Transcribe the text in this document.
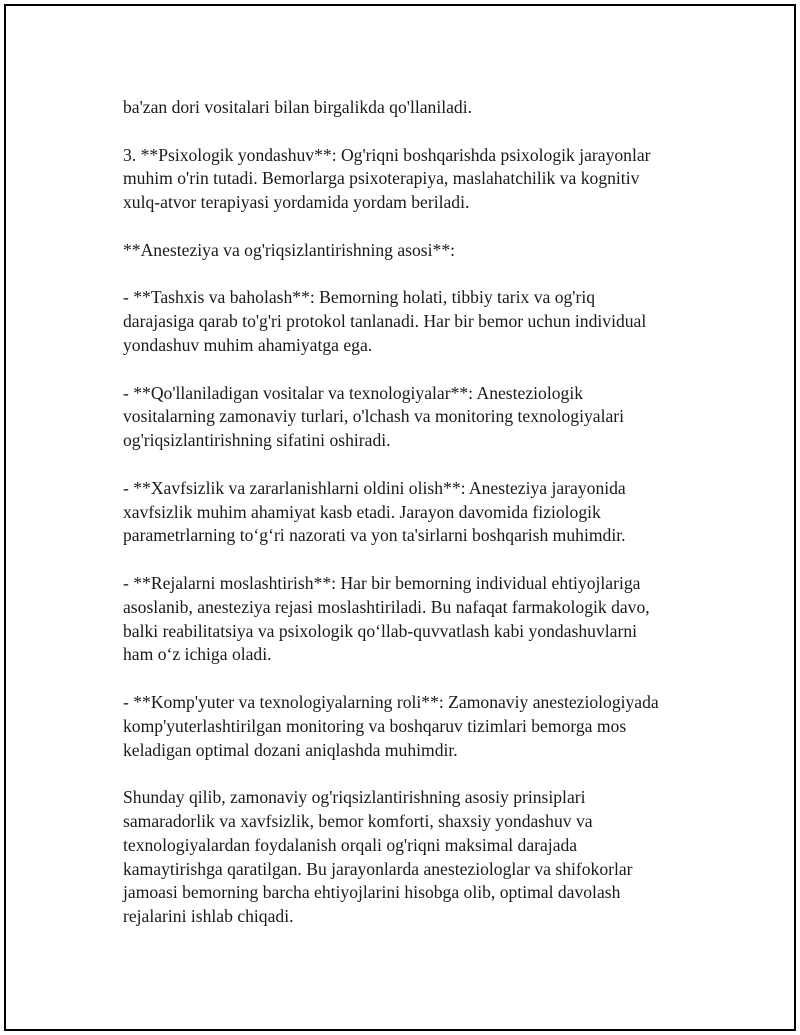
ba'zan dori vositalari bilan birgalikda qo'llaniladi.

3. **Psixologik yondashuv**: Og'riqni boshqarishda psixologik jarayonlar
muhim o'rin tutadi. Bemorlarga psixoterapiya, maslahatchilik va kognitiv
xulq-atvor terapiyasi yordamida yordam beriladi.

**Anesteziya va og'riqsizlantirishning asosi**:

- **Tashxis va baholash**: Bemorning holati, tibbiy tarix va og'riq
darajasiga qarab to'g'ri protokol tanlanadi. Har bir bemor uchun individual
yondashuv muhim ahamiyatga ega.

- **Qo'llaniladigan vositalar va texnologiyalar**: Anesteziologik
vositalarning zamonaviy turlari, o'lchash va monitoring texnologiyalari
og'riqsizlantirishning sifatini oshiradi.

- **Xavfsizlik va zararlanishlarni oldini olish**: Anesteziya jarayonida
xavfsizlik muhim ahamiyat kasb etadi. Jarayon davomida fiziologik
parametrlarning to‘g‘ri nazorati va yon ta'sirlarni boshqarish muhimdir.

- **Rejalarni moslashtirish**: Har bir bemorning individual ehtiyojlariga
asoslanib, anesteziya rejasi moslashtiriladi. Bu nafaqat farmakologik davo,
balki reabilitatsiya va psixologik qo‘llab-quvvatlash kabi yondashuvlarni
ham o‘z ichiga oladi.

- **Komp'yuter va texnologiyalarning roli**: Zamonaviy anesteziologiyada
komp'yuterlashtirilgan monitoring va boshqaruv tizimlari bemorga mos
keladigan optimal dozani aniqlashda muhimdir.

Shunday qilib, zamonaviy og'riqsizlantirishning asosiy prinsiplari
samaradorlik va xavfsizlik, bemor komforti, shaxsiy yondashuv va
texnologiyalardan foydalanish orqali og'riqni maksimal darajada
kamaytirishga qaratilgan. Bu jarayonlarda anesteziologlar va shifokorlar
jamoasi bemorning barcha ehtiyojlarini hisobga olib, optimal davolash
rejalarini ishlab chiqadi.
